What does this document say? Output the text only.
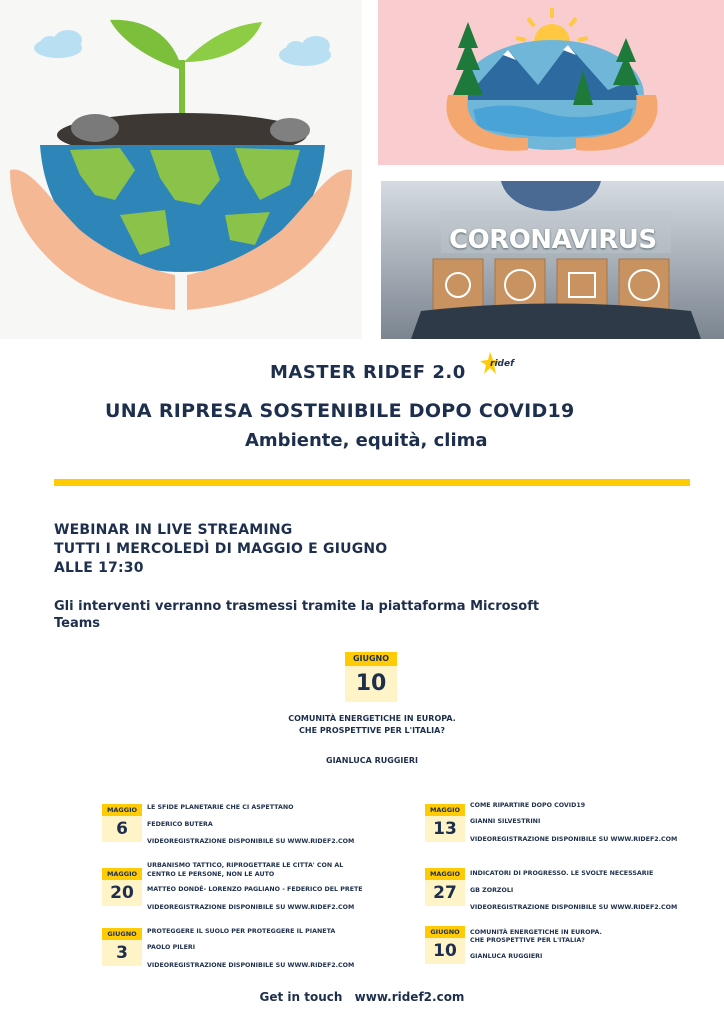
CORONAVIRUS
MASTER RIDEF 2.0	ridef
UNA RIPRESA SOSTENIBILE DOPO COVID19
Ambiente, equità, clima
WEBINAR IN LIVE STREAMING
TUTTI I MERCOLEDÌ DI MAGGIO E GIUGNO
ALLE 17:30
Gli interventi verranno trasmessi tramite la piattaforma Microsoft
Teams
GIUGNO
10
COMUNITÀ ENERGETICHE IN EUROPA.
CHE PROSPETTIVE PER L'ITALIA?
GIANLUCA RUGGIERI
MAGGIO
6
LE SFIDE PLANETARIE CHE CI ASPETTANO
FEDERICO BUTERA
VIDEOREGISTRAZIONE DISPONIBILE SU WWW.RIDEF2.COM
MAGGIO
20
URBANISMO TATTICO, RIPROGETTARE LE CITTA' CON AL
CENTRO LE PERSONE, NON LE AUTO
MATTEO DONDÈ- LORENZO PAGLIANO - FEDERICO DEL PRETE
VIDEOREGISTRAZIONE DISPONIBILE SU WWW.RIDEF2.COM
GIUGNO
3
PROTEGGERE IL SUOLO PER PROTEGGERE IL PIANETA
PAOLO PILERI
VIDEOREGISTRAZIONE DISPONIBILE SU WWW.RIDEF2.COM
MAGGIO
13
COME RIPARTIRE DOPO COVID19
GIANNI SILVESTRINI
VIDEOREGISTRAZIONE DISPONIBILE SU WWW.RIDEF2.COM
MAGGIO
27
INDICATORI DI PROGRESSO. LE SVOLTE NECESSARIE
GB ZORZOLI
VIDEOREGISTRAZIONE DISPONIBILE SU WWW.RIDEF2.COM
GIUGNO
10
COMUNITÀ ENERGETICHE IN EUROPA.
CHE PROSPETTIVE PER L'ITALIA?
GIANLUCA RUGGIERI
Get in touch www.ridef2.com
